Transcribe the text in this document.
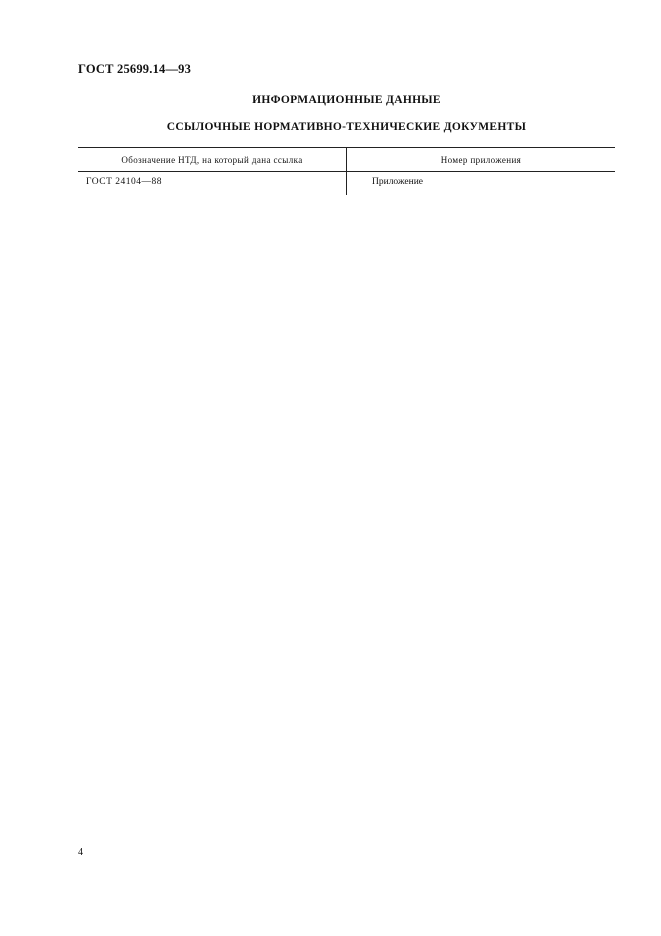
ГОСТ 25699.14—93
ИНФОРМАЦИОННЫЕ ДАННЫЕ
ССЫЛОЧНЫЕ НОРМАТИВНО-ТЕХНИЧЕСКИЕ ДОКУМЕНТЫ
Обозначение НТД, на который дана ссылка	Номер приложения
ГОСТ 24104—88	Приложение
4
